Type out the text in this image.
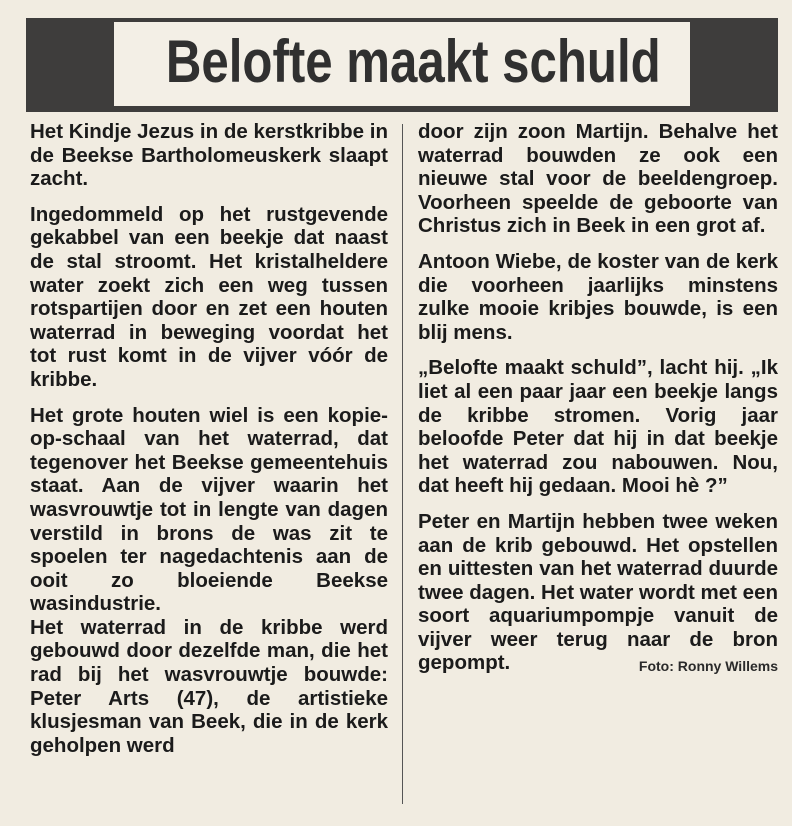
Belofte maakt schuld

Het Kindje Jezus in de kerstkribbe in de Beekse Bartholomeuskerk slaapt zacht.

Ingedommeld op het rustgevende gekabbel van een beekje dat naast de stal stroomt. Het kristalheldere water zoekt zich een weg tussen rotspartijen door en zet een houten waterrad in beweging voordat het tot rust komt in de vijver vóór de kribbe.

Het grote houten wiel is een kopie-op-schaal van het waterrad, dat tegenover het Beekse gemeentehuis staat. Aan de vijver waarin het wasvrouwtje tot in lengte van dagen verstild in brons de was zit te spoelen ter nagedachtenis aan de ooit zo bloeiende Beekse wasindustrie.

Het waterrad in de kribbe werd gebouwd door dezelfde man, die het rad bij het wasvrouwtje bouwde: Peter Arts (47), de artistieke klusjesman van Beek, die in de kerk geholpen werd

door zijn zoon Martijn. Behalve het waterrad bouwden ze ook een nieuwe stal voor de beeldengroep. Voorheen speelde de geboorte van Christus zich in Beek in een grot af.

Antoon Wiebe, de koster van de kerk die voorheen jaarlijks minstens zulke mooie kribjes bouwde, is een blij mens.

„Belofte maakt schuld”, lacht hij. „Ik liet al een paar jaar een beekje langs de kribbe stromen. Vorig jaar beloofde Peter dat hij in dat beekje het waterrad zou nabouwen. Nou, dat heeft hij gedaan. Mooi hè ?”

Peter en Martijn hebben twee weken aan de krib gebouwd. Het opstellen en uittesten van het waterrad duurde twee dagen. Het water wordt met een soort aquariumpompje vanuit de vijver weer terug naar de bron gepompt.	Foto: Ronny Willems
